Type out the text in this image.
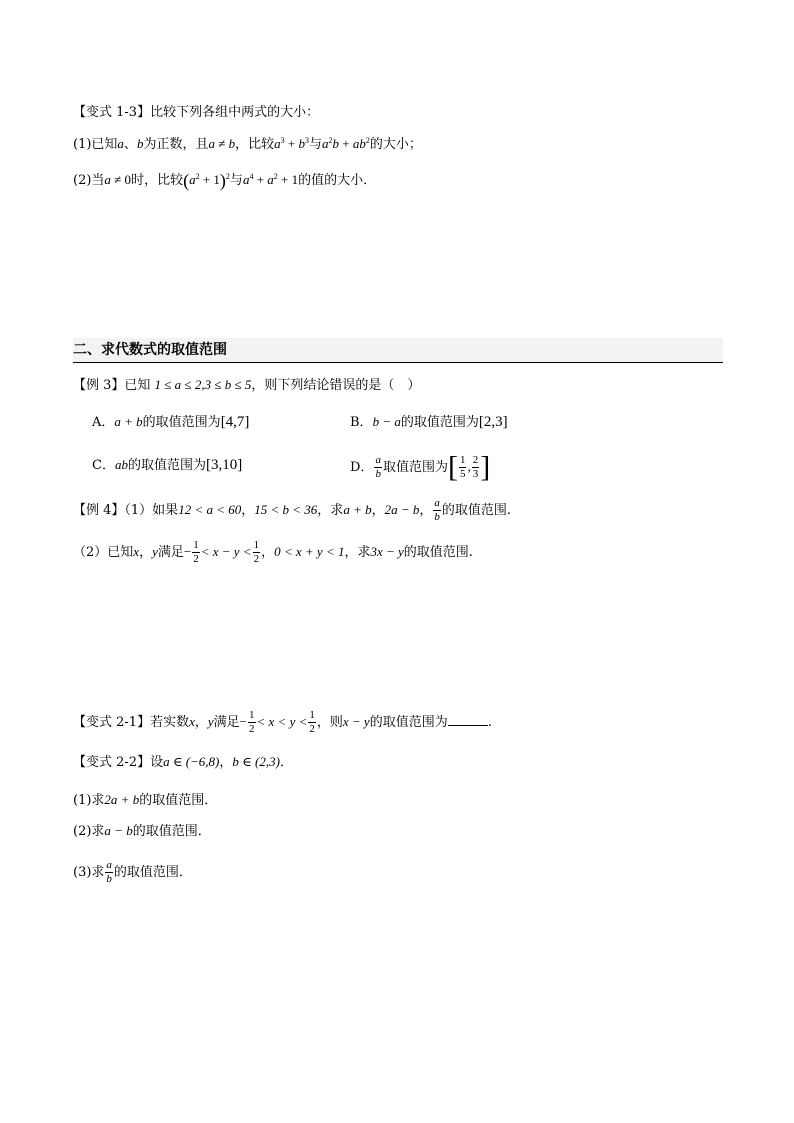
【变式 1-3】比较下列各组中两式的大小：
(1)已知a、b为正数，且a ≠ b，比较$a^3 + b^3$与$a^2b + ab^2$的大小；
(2)当a ≠ 0时，比较$(a^2 + 1)^2$与$a^4 + a^2 + 1$的值的大小．
二、求代数式的取值范围
【例 3】已知 1 ≤ a ≤ 2,3 ≤ b ≤ 5，则下列结论错误的是（　）
A．a + b的取值范围为[4,7]	B．b − a的取值范围为[2,3]
C．ab的取值范围为[3,10]	D． $\frac{a}{b}$ 取值范围为[ $\frac{1}{5}$ , $\frac{2}{3}$ ]
【例 4】（1）如果12 < a < 60，15 < b < 36，求a + b，2a − b， $\frac{a}{b}$ 的取值范围.
（2）已知x，y满足− $\frac{1}{2} < x - y < \frac{1}{2}$ ，0 < x + y < 1，求3x − y的取值范围.
【变式 2-1】若实数x，y满足− $\frac{1}{2} < x < y < \frac{1}{2}$ ，则x − y的取值范围为	.
【变式 2-2】设a ∈ (−6,8)，b ∈ (2,3)．
(1)求2a + b的取值范围．
(2)求a − b的取值范围．
(3)求 $\frac{a}{b}$ 的取值范围．
